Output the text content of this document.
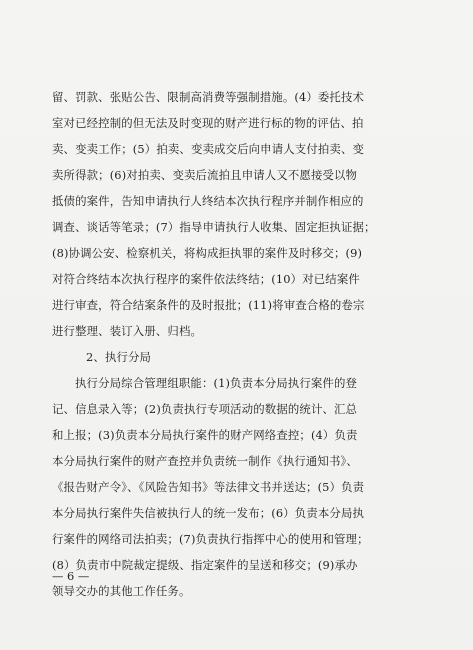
留、罚款、张贴公告、限制高消费等强制措施。(4）委托技术
室对已经控制的但无法及时变现的财产进行标的物的评估、拍
卖、变卖工作；(5）拍卖、变卖成交后向申请人支付拍卖、变
卖所得款；(6)对拍卖、变卖后流拍且申请人又不愿接受以物
抵债的案件，告知申请执行人终结本次执行程序并制作相应的
调查、谈话等笔录；(7）指导申请执行人收集、固定拒执证据；
(8)协调公安、检察机关，将构成拒执罪的案件及时移交；(9)
对符合终结本次执行程序的案件依法终结；(10）对已结案件
进行审查，符合结案条件的及时报批；(11)将审查合格的卷宗
进行整理、装订入册、归档。
2、执行分局
执行分局综合管理组职能：(1)负责本分局执行案件的登
记、信息录入等；(2)负责执行专项活动的数据的统计、汇总
和上报；(3)负责本分局执行案件的财产网络查控；(4）负责
本分局执行案件的财产查控并负责统一制作《执行通知书》、
《报告财产令》、《风险告知书》等法律文书并送达；(5）负责
本分局执行案件失信被执行人的统一发布；(6）负责本分局执
行案件的网络司法拍卖；(7)负责执行指挥中心的使用和管理；
(8）负责市中院裁定提级、指定案件的呈送和移交；(9)承办
领导交办的其他工作任务。
— 6 —
